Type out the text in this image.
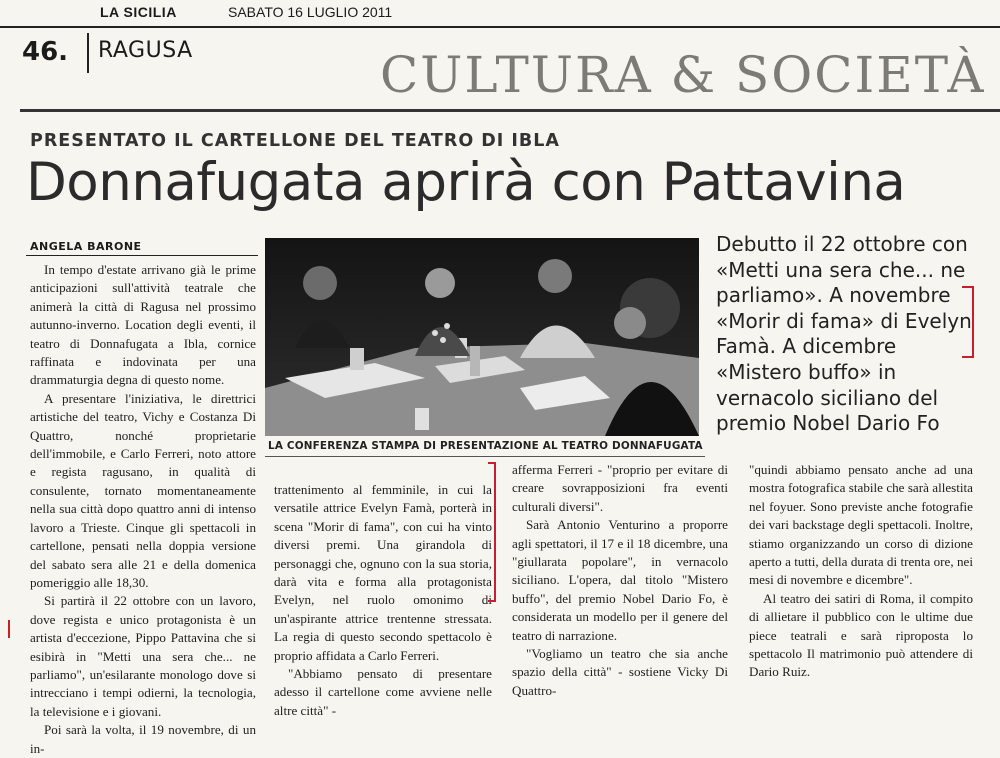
LA SICILIA	SABATO 16 LUGLIO 2011
46. RAGUSA	CULTURA & SOCIETÀ
PRESENTATO IL CARTELLONE DEL TEATRO DI IBLA
Donnafugata aprirà con Pattavina
ANGELA BARONE

In tempo d'estate arrivano già le prime anticipazioni sull'attività teatrale che animerà la città di Ragusa nel prossimo autunno-inverno. Location degli eventi, il teatro di Donnafugata a Ibla, cornice raffinata e indovinata per una drammaturgia degna di questo nome.

A presentare l'iniziativa, le direttrici artistiche del teatro, Vichy e Costanza Di Quattro, nonché proprietarie dell'immobile, e Carlo Ferreri, noto attore e regista ragusano, in qualità di consulente, tornato momentaneamente nella sua città dopo quattro anni di intenso lavoro a Trieste. Cinque gli spettacoli in cartellone, pensati nella doppia versione del sabato sera alle 21 e della domenica pomeriggio alle 18,30.

Si partirà il 22 ottobre con un lavoro, dove regista e unico protagonista è un artista d'eccezione, Pippo Pattavina che si esibirà in "Metti una sera che... ne parliamo", un'esilarante monologo dove si intrecciano i tempi odierni, la tecnologia, la televisione e i giovani.

Poi sarà la volta, il 19 novembre, di un in-

LA CONFERENZA STAMPA DI PRESENTAZIONE AL TEATRO DONNAFUGATA
Debutto il 22 ottobre con «Metti una sera che... ne parliamo». A novembre «Morir di fama» di Evelyn Famà. A dicembre «Mistero buffo» in vernacolo siciliano del premio Nobel Dario Fo

trattenimento al femminile, in cui la versatile attrice Evelyn Famà, porterà in scena "Morir di fama", con cui ha vinto diversi premi. Una girandola di personaggi che, ognuno con la sua storia, darà vita e forma alla protagonista Evelyn, nel ruolo omonimo di un'aspirante attrice trentenne stressata. La regia di questo secondo spettacolo è proprio affidata a Carlo Ferreri.

"Abbiamo pensato di presentare adesso il cartellone come avviene nelle altre città" -

afferma Ferreri - "proprio per evitare di creare sovrapposizioni fra eventi culturali diversi".

Sarà Antonio Venturino a proporre agli spettatori, il 17 e il 18 dicembre, una "giullarata popolare", in vernacolo siciliano. L'opera, dal titolo "Mistero buffo", del premio Nobel Dario Fo, è considerata un modello per il genere del teatro di narrazione.

"Vogliamo un teatro che sia anche spazio della città" - sostiene Vicky Di Quattro-

"quindi abbiamo pensato anche ad una mostra fotografica stabile che sarà allestita nel foyuer. Sono previste anche fotografie dei vari backstage degli spettacoli. Inoltre, stiamo organizzando un corso di dizione aperto a tutti, della durata di trenta ore, nei mesi di novembre e dicembre".

Al teatro dei satiri di Roma, il compito di allietare il pubblico con le ultime due piece teatrali e sarà riproposta lo spettacolo Il matrimonio può attendere di Dario Ruiz.
